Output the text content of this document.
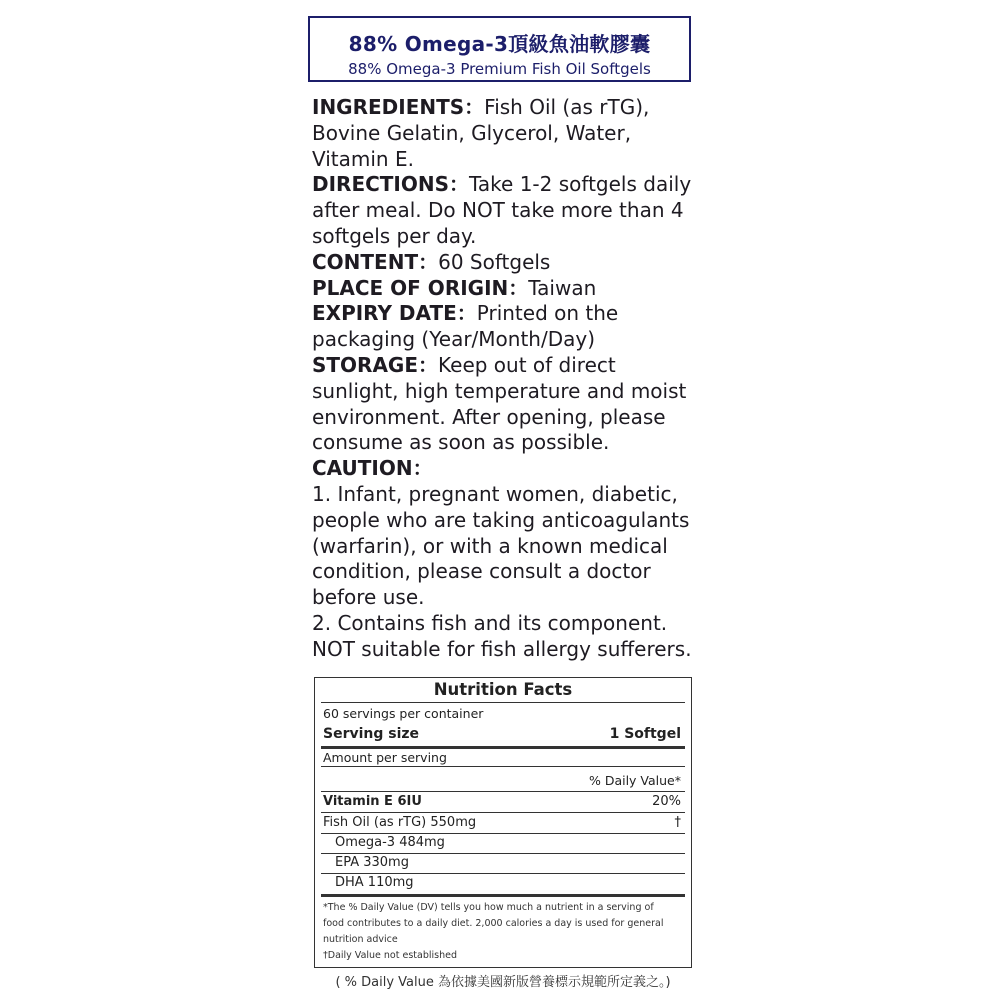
88% Omega-3頂級魚油軟膠囊
88% Omega-3 Premium Fish Oil Softgels
INGREDIENTS：Fish Oil (as rTG),
Bovine Gelatin, Glycerol, Water,
Vitamin E.
DIRECTIONS：Take 1-2 softgels daily
after meal. Do NOT take more than 4
softgels per day.
CONTENT：60 Softgels
PLACE OF ORIGIN：Taiwan
EXPIRY DATE：Printed on the
packaging (Year/Month/Day)
STORAGE：Keep out of direct
sunlight, high temperature and moist
environment. After opening, please
consume as soon as possible.
CAUTION：
1. Infant, pregnant women, diabetic,
people who are taking anticoagulants
(warfarin), or with a known medical
condition, please consult a doctor
before use.
2. Contains fish and its component.
NOT suitable for fish allergy sufferers.
Nutrition Facts
60 servings per container
Serving size	1 Softgel
Amount per serving
% Daily Value*
Vitamin E 6IU	20%
Fish Oil (as rTG) 550mg	†
Omega-3 484mg
EPA 330mg
DHA 110mg
*The % Daily Value (DV) tells you how much a nutrient in a serving of
food contributes to a daily diet. 2,000 calories a day is used for general
nutrition advice
†Daily Value not established
( % Daily Value 為依據美國新版營養標示規範所定義之。)
